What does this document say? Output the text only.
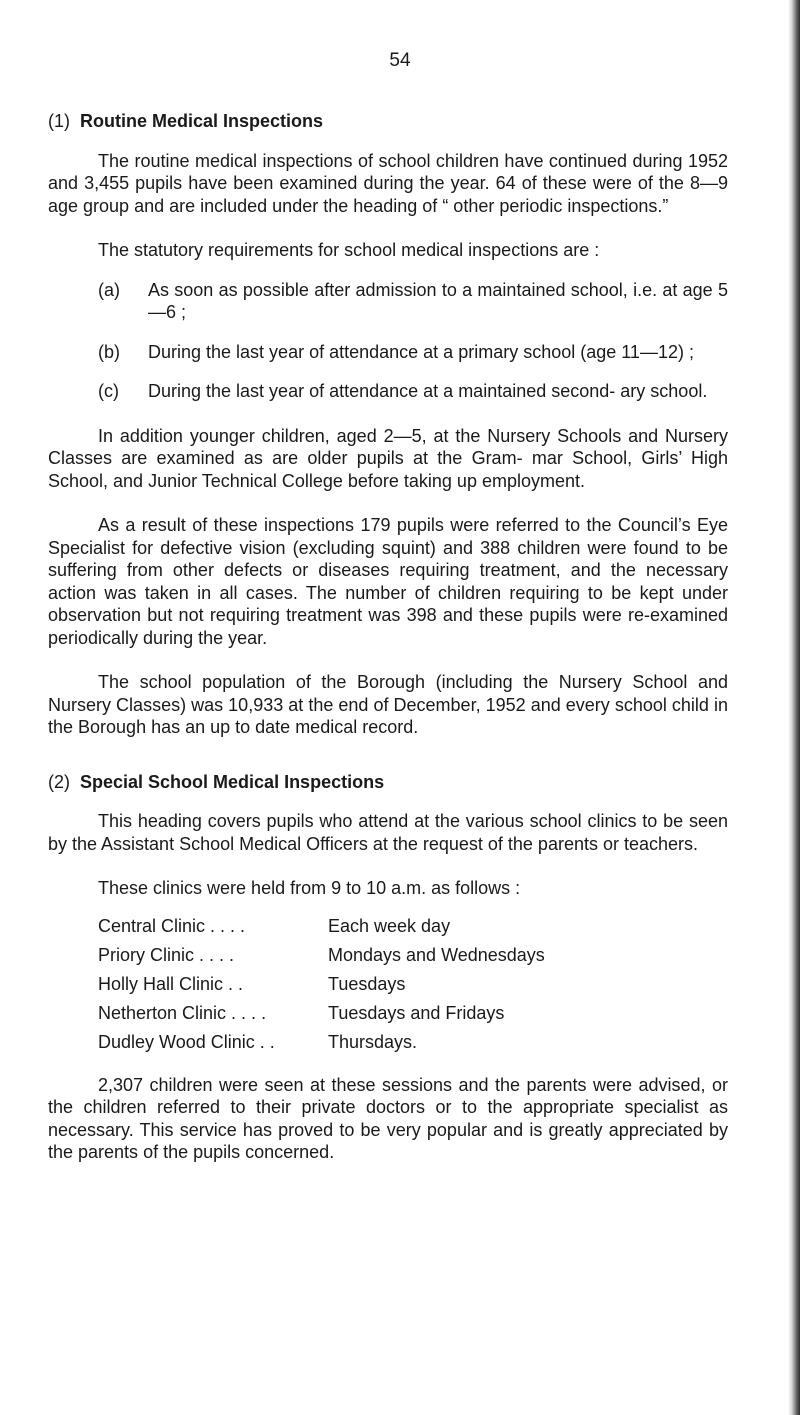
54
(1) Routine Medical Inspections

The routine medical inspections of school children have continued during 1952 and 3,455 pupils have been examined during the year. 64 of these were of the 8—9 age group and are included under the heading of “ other periodic inspections.”

The statutory requirements for school medical inspections are :

(a)	As soon as possible after admission to a maintained school, i.e. at age 5—6 ;
(b)	During the last year of attendance at a primary school (age 11—12) ;
(c)	During the last year of attendance at a maintained second- ary school.

In addition younger children, aged 2—5, at the Nursery Schools and Nursery Classes are examined as are older pupils at the Gram- mar School, Girls’ High School, and Junior Technical College before taking up employment.

As a result of these inspections 179 pupils were referred to the Council’s Eye Specialist for defective vision (excluding squint) and 388 children were found to be suffering from other defects or diseases requiring treatment, and the necessary action was taken in all cases. The number of children requiring to be kept under observation but not requiring treatment was 398 and these pupils were re-examined periodically during the year.

The school population of the Borough (including the Nursery School and Nursery Classes) was 10,933 at the end of December, 1952 and every school child in the Borough has an up to date medical record.

(2) Special School Medical Inspections

This heading covers pupils who attend at the various school clinics to be seen by the Assistant School Medical Officers at the request of the parents or teachers.

These clinics were held from 9 to 10 a.m. as follows :
Central Clinic . . . .	Each week day
Priory Clinic . . . .	Mondays and Wednesdays
Holly Hall Clinic . .	Tuesdays
Netherton Clinic . . . .	Tuesdays and Fridays
Dudley Wood Clinic . .	Thursdays.

2,307 children were seen at these sessions and the parents were advised, or the children referred to their private doctors or to the appropriate specialist as necessary. This service has proved to be very popular and is greatly appreciated by the parents of the pupils concerned.
